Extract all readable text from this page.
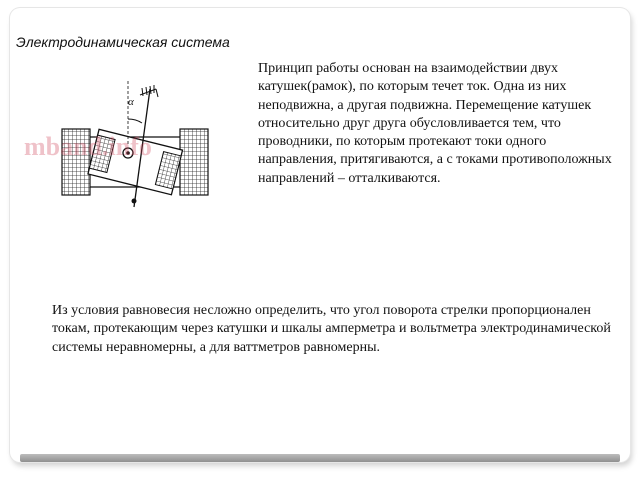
Электродинамическая система
Принцип работы основан на взаимодействии двух катушек(рамок), по которым течет ток. Одна из них неподвижна, а другая подвижна. Перемещение катушек относительно друг друга обусловливается тем, что проводники, по которым протекают токи одного направления, притягиваются, а с токами противоположных направлений – отталкиваются.
α
mband.info
Из условия равновесия несложно определить, что угол поворота стрелки пропорционален токам, протекающим через катушки и шкалы амперметра и вольтметра электродинамической системы неравномерны, а для ваттметров равномерны.
